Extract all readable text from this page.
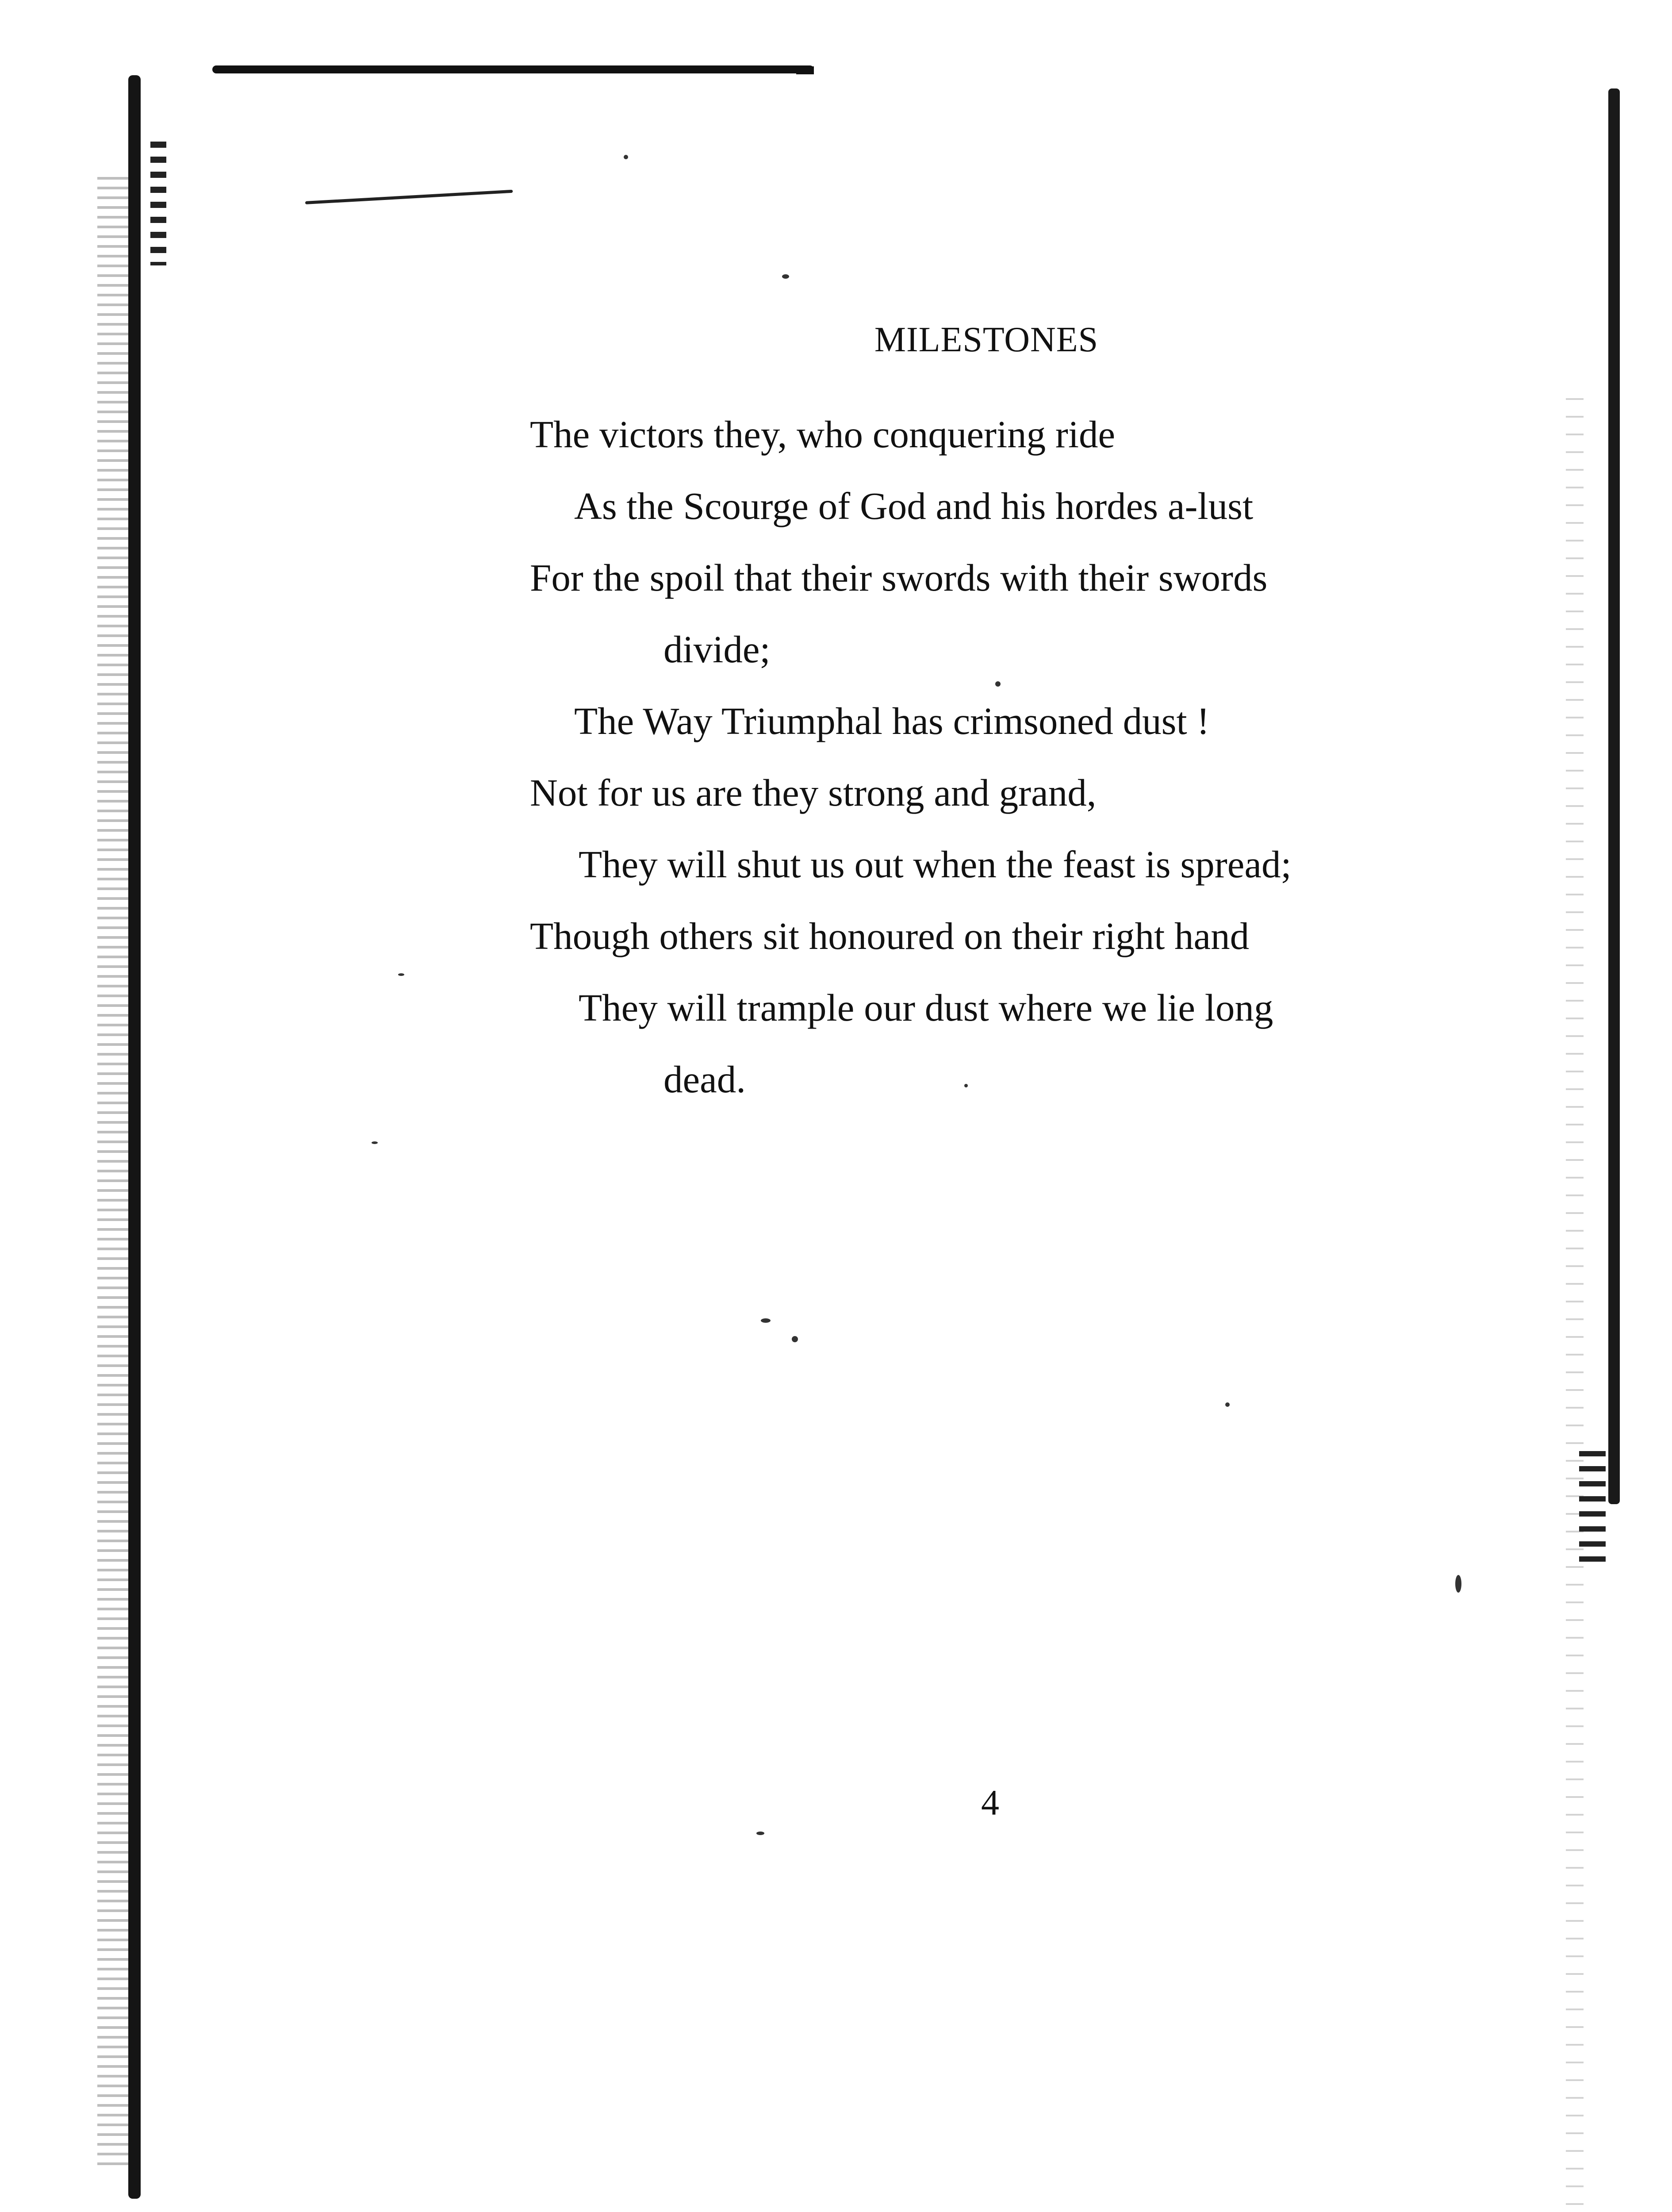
MILESTONES

The victors they, who conquering ride

As the Scourge of God and his hordes a-lust

For the spoil that their swords with their swords

divide;

The Way Triumphal has crimsoned dust !

Not for us are they strong and grand,

They will shut us out when the feast is spread;

Though others sit honoured on their right hand

They will trample our dust where we lie long

dead.

4
